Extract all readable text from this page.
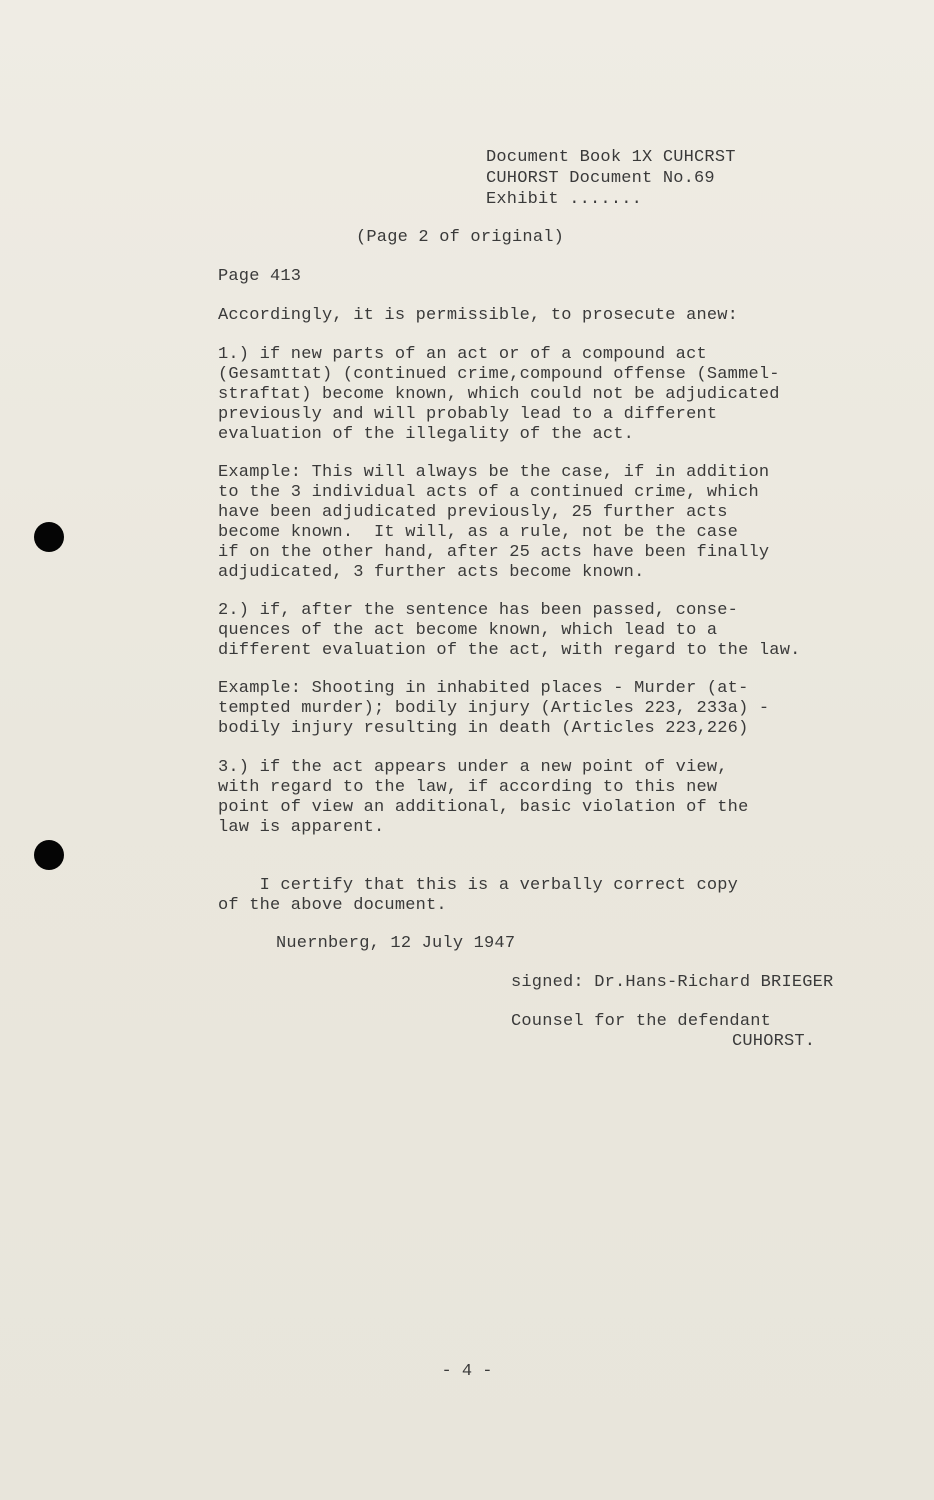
Document Book 1X CUHCRST
CUHORST Document No.69
Exhibit .......
(Page 2 of original)
Page 413
Accordingly, it is permissible, to prosecute anew:
1.) if new parts of an act or of a compound act
(Gesamttat) (continued crime,compound offense (Sammel-
straftat) become known, which could not be adjudicated
previously and will probably lead to a different
evaluation of the illegality of the act.
Example: This will always be the case, if in addition
to the 3 individual acts of a continued crime, which
have been adjudicated previously, 25 further acts
become known.  It will, as a rule, not be the case
if on the other hand, after 25 acts have been finally
adjudicated, 3 further acts become known.
2.) if, after the sentence has been passed, conse-
quences of the act become known, which lead to a
different evaluation of the act, with regard to the law.
Example: Shooting in inhabited places - Murder (at-
tempted murder); bodily injury (Articles 223, 233a) -
bodily injury resulting in death (Articles 223,226)
3.) if the act appears under a new point of view,
with regard to the law, if according to this new
point of view an additional, basic violation of the
law is apparent.
I certify that this is a verbally correct copy
of the above document.
Nuernberg, 12 July 1947
signed: Dr.Hans-Richard BRIEGER
Counsel for the defendant
CUHORST.
- 4 -
